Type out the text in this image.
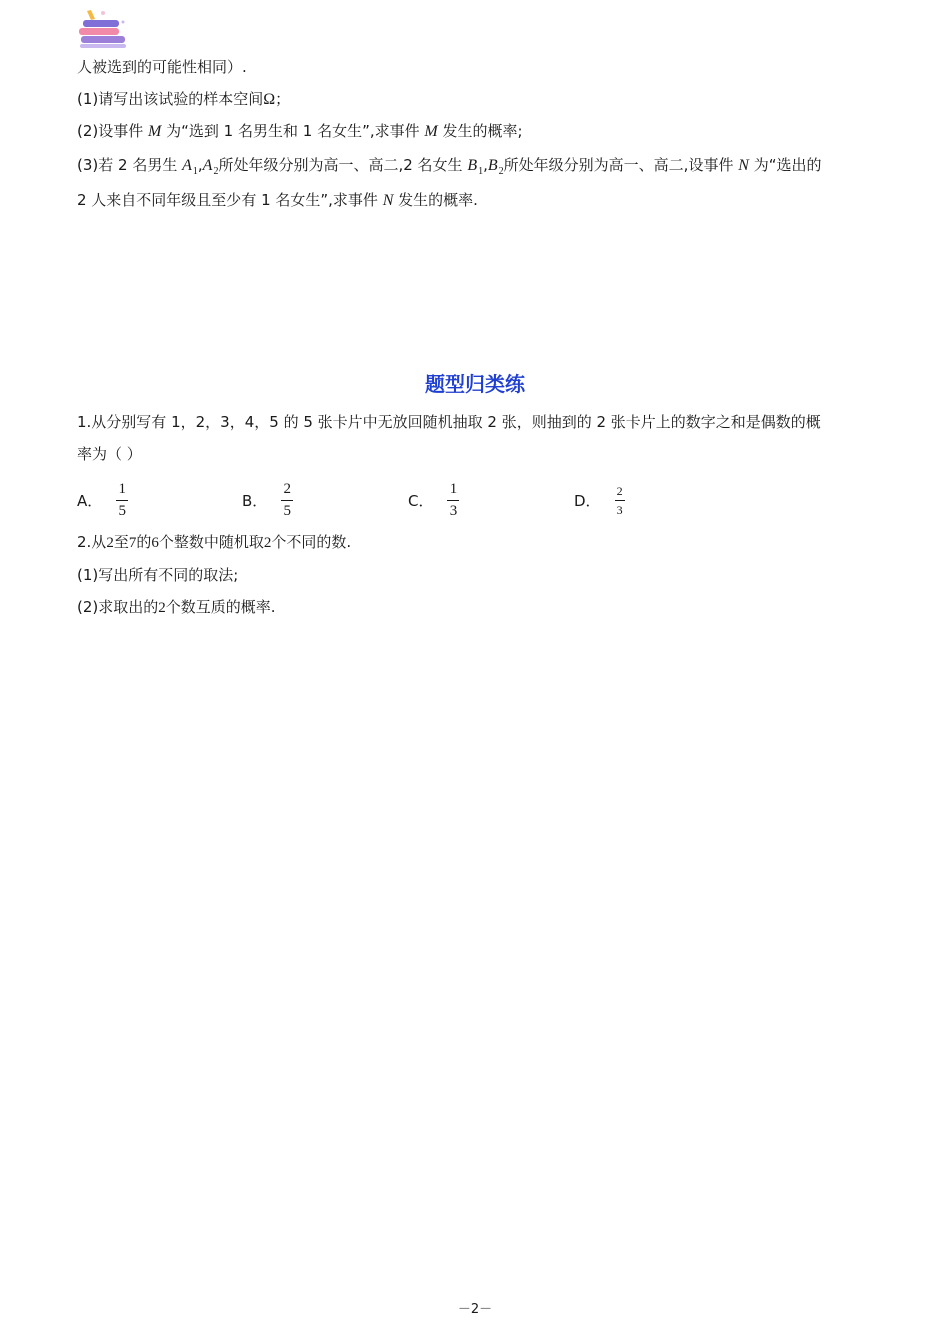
人被选到的可能性相同）.
(1)请写出该试验的样本空间Ω；
(2)设事件 M 为“选到 1 名男生和 1 名女生”,求事件 M 发生的概率;
(3)若 2 名男生 $A_1,A_2$所处年级分别为高一、高二,2 名女生 $B_1,B_2$所处年级分别为高一、高二,设事件 N 为“选出的
2 人来自不同年级且至少有 1 名女生”,求事件 N 发生的概率.
题型归类练
1.从分别写有 1，2，3，4，5 的 5 张卡片中无放回随机抽取 2 张，则抽到的 2 张卡片上的数字之和是偶数的概
率为（ ）
A． $\frac{1}{5}$	B． $\frac{2}{5}$	C． $\frac{1}{3}$	D． $\frac{2}{3}$
2.从2至7的6个整数中随机取2个不同的数.
(1)写出所有不同的取法;
(2)求取出的2个数互质的概率.
－2－
